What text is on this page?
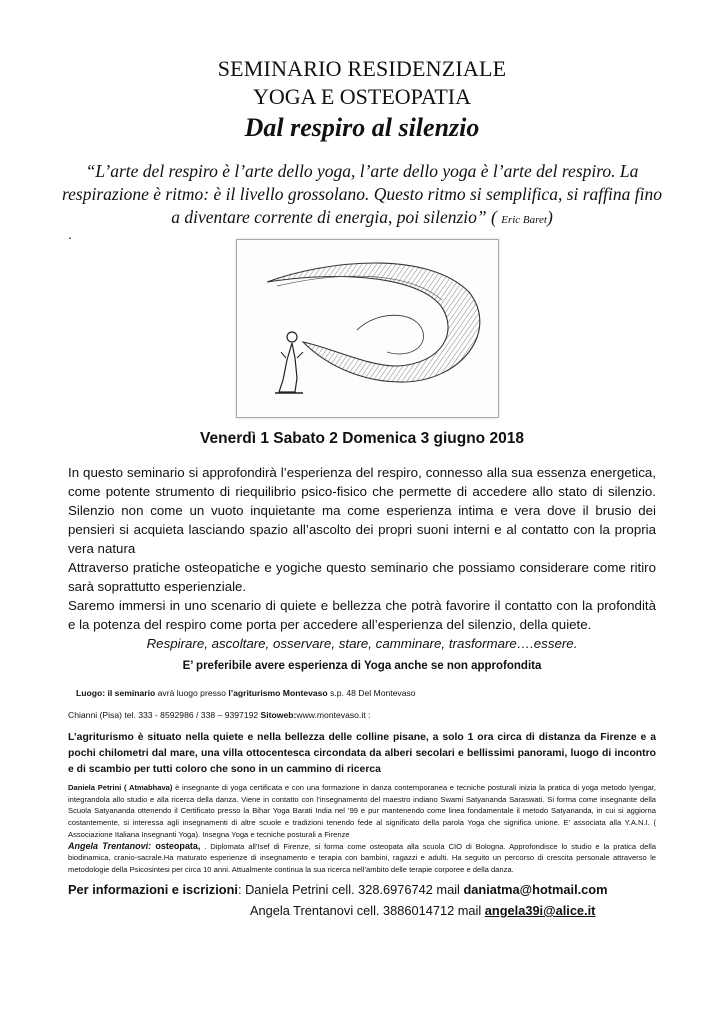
SEMINARIO RESIDENZIALE
YOGA E OSTEOPATIA
Dal respiro al silenzio
“L’arte del respiro è l’arte dello yoga, l’arte dello yoga è l’arte del respiro. La respirazione è ritmo: è il livello grossolano. Questo ritmo si semplifica, si raffina fino a diventare corrente di energia, poi silenzio” ( Eric Baret)
.
Venerdì 1 Sabato 2 Domenica 3 giugno 2018

In questo seminario si approfondirà l’esperienza del respiro, connesso alla sua essenza energetica, come potente strumento di riequilibrio psico-fisico che permette di accedere allo stato di silenzio. Silenzio non come un vuoto inquietante ma come esperienza intima e vera dove il brusio dei pensieri si acquieta lasciando spazio all’ascolto dei propri suoni interni e al contatto con la propria vera natura

Attraverso pratiche osteopatiche e yogiche questo seminario che possiamo considerare come ritiro sarà soprattutto esperienziale.

Saremo immersi in uno scenario di quiete e bellezza che potrà favorire il contatto con la profondità e la potenza del respiro come porta per accedere all’esperienza del silenzio, della quiete.

Respirare, ascoltare, osservare, stare, camminare, trasformare….essere.

E’ preferibile avere esperienza di Yoga anche se non approfondita
Luogo: il seminario avrà luogo presso l’agriturismo Montevaso s.p. 48 Del Montevaso
Chianni (Pisa) tel. 333 - 8592986 / 338 – 9397192 Sitoweb:www.montevaso.it :
L’agriturismo è situato nella quiete e nella bellezza delle colline pisane, a solo 1 ora circa di distanza da Firenze e a pochi chilometri dal mare, una villa ottocentesca circondata da alberi secolari e bellissimi panorami, luogo di incontro e di scambio per tutti coloro che sono in un cammino di ricerca

Daniela Petrini ( Atmabhava) è insegnante di yoga certificata e con una formazione in danza contemporanea e tecniche posturali inizia la pratica di yoga metodo Iyengar, integrandola allo studio e alla ricerca della danza. Viene in contatto con l’insegnamento del maestro indiano Swami Satyananda Saraswati. Si forma come insegnante della Scuola Satyananda ottenendo il Certificato presso la Bihar Yoga Barati India nel ’99 e pur mantenendo come linea fondamentale il metodo Satyananda, in cui si aggiorna costantemente, si interessa agli insegnamenti di altre scuole e tradizioni tenendo fede al significato della parola Yoga che significa unione. E’ associata alla Y.A.N.I. ( Associazione Italiana Insegnanti Yoga). Insegna Yoga e tecniche posturali a Firenze

Angela Trentanovi: osteopata, . Diplomata all’Isef di Firenze, si forma come osteopata alla scuola CIO di Bologna. Approfondisce lo studio e la pratica della biodinamica, cranio-sacrale.Ha maturato esperienze di insegnamento e terapia con bambini, ragazzi e adulti. Ha seguito un percorso di crescita personale attraverso le metodologie della Psicosintesi per circa 10 anni. Attualmente continua la sua ricerca nell’ambito delle terapie corporee e della danza.

Per informazioni e iscrizioni: Daniela Petrini cell. 328.6976742 mail daniatma@hotmail.com
Angela Trentanovi cell. 3886014712 mail angela39i@alice.it
